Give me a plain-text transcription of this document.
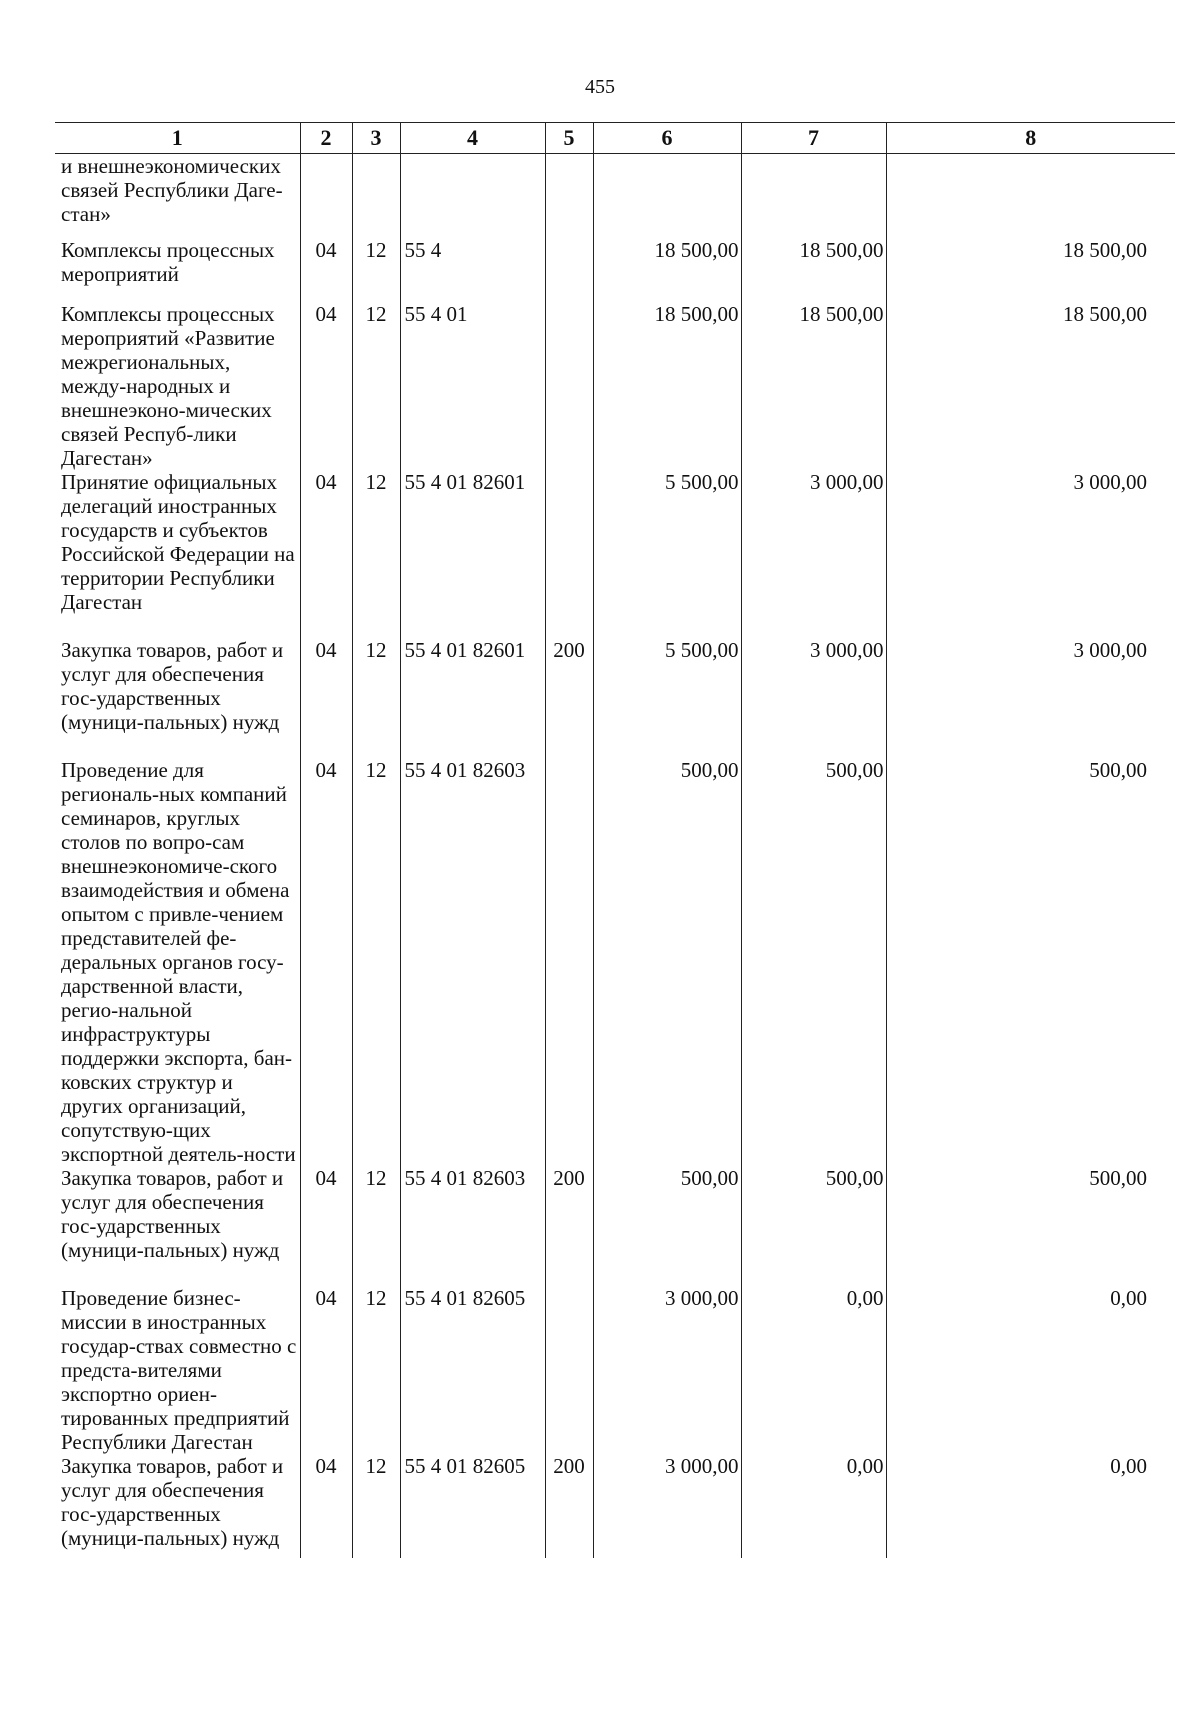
455
1	2	3	4	5	6	7	8
и внешнеэкономических связей Республики Даге-стан»							
Комплексы процессных мероприятий	04	12	55 4		18 500,00	18 500,00	18 500,00
Комплексы процессных мероприятий «Развитие межрегиональных, между-народных и внешнеэконо-мических связей Респуб-лики Дагестан»	04	12	55 4 01		18 500,00	18 500,00	18 500,00
Принятие официальных делегаций иностранных государств и субъектов Российской Федерации на территории Республики Дагестан	04	12	55 4 01 82601		5 500,00	3 000,00	3 000,00
Закупка товаров, работ и услуг для обеспечения гос-ударственных (муници-пальных) нужд	04	12	55 4 01 82601	200	5 500,00	3 000,00	3 000,00
Проведение для региональ-ных компаний семинаров, круглых столов по вопро-сам внешнеэкономиче-ского взаимодействия и обмена опытом с привле-чением представителей фе-деральных органов госу-дарственной власти, регио-нальной инфраструктуры поддержки экспорта, бан-ковских структур и других организаций, сопутствую-щих экспортной деятель-ности	04	12	55 4 01 82603		500,00	500,00	500,00
Закупка товаров, работ и услуг для обеспечения гос-ударственных (муници-пальных) нужд	04	12	55 4 01 82603	200	500,00	500,00	500,00
Проведение бизнес-миссии в иностранных государ-ствах совместно с предста-вителями экспортно ориен-тированных предприятий Республики Дагестан	04	12	55 4 01 82605		3 000,00	0,00	0,00
Закупка товаров, работ и услуг для обеспечения гос-ударственных (муници-пальных) нужд	04	12	55 4 01 82605	200	3 000,00	0,00	0,00
